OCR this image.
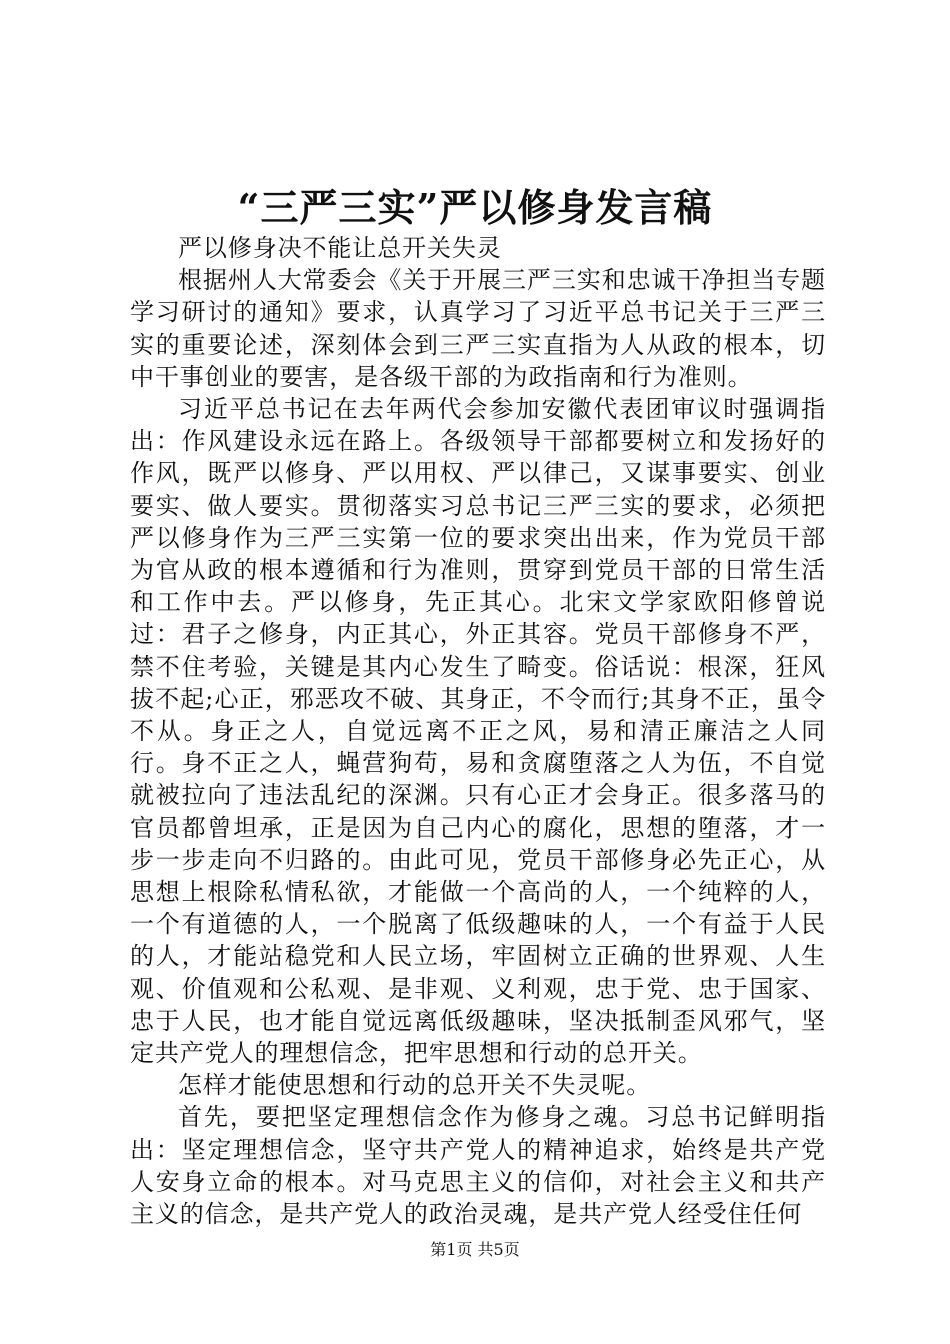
“三严三实”严以修身发言稿

严以修身决不能让总开关失灵

根据州人大常委会《关于开展三严三实和忠诚干净担当专题学习研讨的通知》要求，认真学习了习近平总书记关于三严三实的重要论述，深刻体会到三严三实直指为人从政的根本，切中干事创业的要害，是各级干部的为政指南和行为准则。

习近平总书记在去年两代会参加安徽代表团审议时强调指出：作风建设永远在路上。各级领导干部都要树立和发扬好的作风，既严以修身、严以用权、严以律己，又谋事要实、创业要实、做人要实。贯彻落实习总书记三严三实的要求，必须把严以修身作为三严三实第一位的要求突出出来，作为党员干部为官从政的根本遵循和行为准则，贯穿到党员干部的日常生活和工作中去。严以修身，先正其心。北宋文学家欧阳修曾说过：君子之修身，内正其心，外正其容。党员干部修身不严，禁不住考验，关键是其内心发生了畸变。俗话说：根深，狂风拔不起;心正，邪恶攻不破、其身正，不令而行;其身不正，虽令不从。身正之人，自觉远离不正之风，易和清正廉洁之人同行。身不正之人，蝇营狗苟，易和贪腐堕落之人为伍，不自觉就被拉向了违法乱纪的深渊。只有心正才会身正。很多落马的官员都曾坦承，正是因为自己内心的腐化，思想的堕落，才一步一步走向不归路的。由此可见，党员干部修身必先正心，从思想上根除私情私欲，才能做一个高尚的人，一个纯粹的人，一个有道德的人，一个脱离了低级趣味的人，一个有益于人民的人，才能站稳党和人民立场，牢固树立正确的世界观、人生观、价值观和公私观、是非观、义利观，忠于党、忠于国家、忠于人民，也才能自觉远离低级趣味，坚决抵制歪风邪气，坚定共产党人的理想信念，把牢思想和行动的总开关。

怎样才能使思想和行动的总开关不失灵呢。

首先，要把坚定理想信念作为修身之魂。习总书记鲜明指出：坚定理想信念，坚守共产党人的精神追求，始终是共产党人安身立命的根本。对马克思主义的信仰，对社会主义和共产主义的信念，是共产党人的政治灵魂，是共产党人经受住任何

第1页 共5页
